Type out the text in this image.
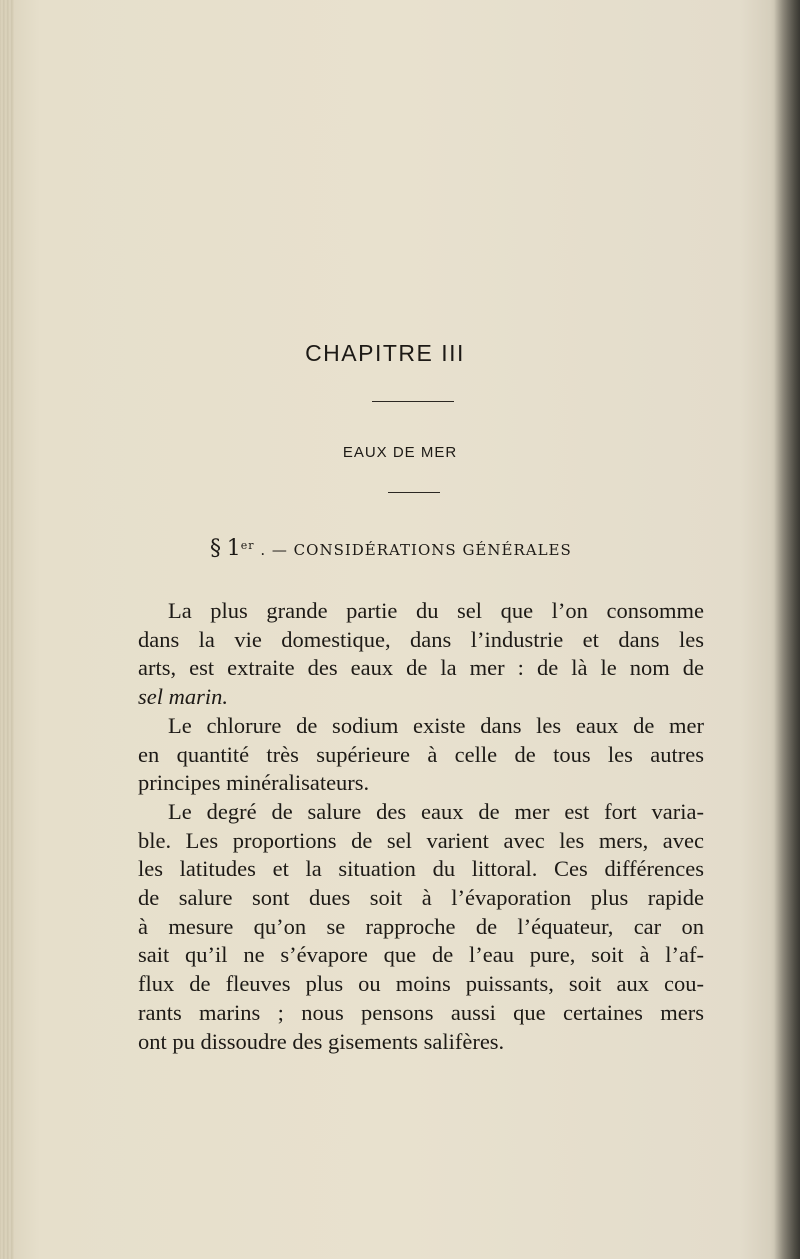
CHAPITRE III
EAUX DE MER
§ 1er . — CONSIDÉRATIONS GÉNÉRALES

La plus grande partie du sel que l’on consomme
dans la vie domestique, dans l’industrie et dans les
arts, est extraite des eaux de la mer : de là le nom de
sel marin.

Le chlorure de sodium existe dans les eaux de mer
en quantité très supérieure à celle de tous les autres
principes minéralisateurs.

Le degré de salure des eaux de mer est fort varia-
ble. Les proportions de sel varient avec les mers, avec
les latitudes et la situation du littoral. Ces différences
de salure sont dues soit à l’évaporation plus rapide
à mesure qu’on se rapproche de l’équateur, car on
sait qu’il ne s’évapore que de l’eau pure, soit à l’af-
flux de fleuves plus ou moins puissants, soit aux cou-
rants marins ; nous pensons aussi que certaines mers
ont pu dissoudre des gisements salifères.
